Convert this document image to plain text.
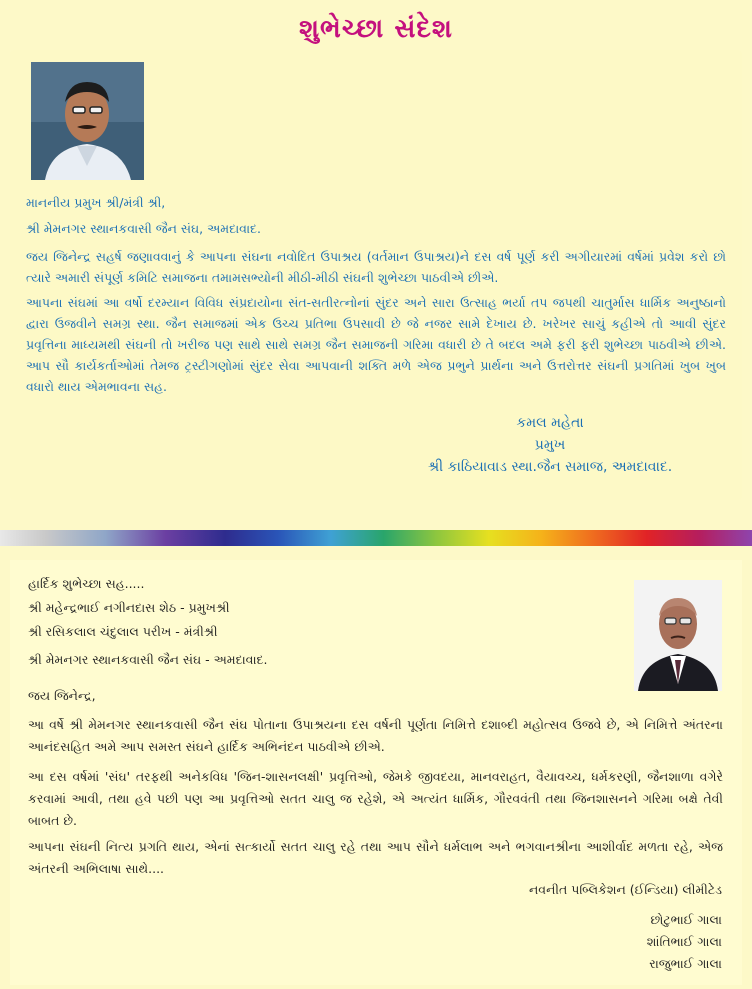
શુભેચ્છા સંદેશ

માનનીય પ્રમુખ શ્રી/મંત્રી શ્રી,

શ્રી મેમનગર સ્થાનકવાસી જૈન સંઘ, અમદાવાદ.

જય જિનેન્દ્ર સહર્ષ જણાવવાનું કે આપના સંઘના નવોદિત ઉપાશ્રય (વર્તમાન ઉપાશ્રય)ને દસ વર્ષ પૂર્ણ કરી અગીયારમાં વર્ષમાં પ્રવેશ કરો છો ત્યારે અમારી સંપૂર્ણ કમિટિ સમાજના તમામસભ્યોની મીઠી-મીઠી સંઘની શુભેચ્છા પાઠવીએ છીએ.

આપના સંઘમાં આ વર્ષો દરમ્યાન વિવિધ સંપ્રદાયોના સંત-સતીરત્નોનાં સુંદર અને સારા ઉત્સાહ ભર્યા તપ જપથી ચાતુર્માસ ધાર્મિક અનુષ્ઠાનો દ્વારા ઉજવીને સમગ્ર સ્થા. જૈન સમાજમાં એક ઉચ્ચ પ્રતિભા ઉપસાવી છે જે નજર સામે દેખાય છે. ખરેખર સાચું કહીએ તો આવી સુંદર પ્રવૃત્તિના માધ્યમથી સંઘની તો ખરીજ પણ સાથે સાથે સમગ્ર જૈન સમાજની ગરિમા વધારી છે તે બદલ અમે ફરી ફરી શુભેચ્છા પાઠવીએ છીએ. આપ સૌ કાર્યકર્તાઓમાં તેમજ ટ્રસ્ટીગણોમાં સુંદર સેવા આપવાની શક્તિ મળે એજ પ્રભુને પ્રાર્થના અને ઉત્તરોત્તર સંઘની પ્રગતિમાં ખુબ ખુબ વધારો થાય એમભાવના સહ.

કમલ મહેતા
પ્રમુખ
શ્રી કાઠિયાવાડ સ્થા.જૈન સમાજ, અમદાવાદ.
હાર્દિક શુભેચ્છા સહ.....
શ્રી મહેન્દ્રભાઈ નગીનદાસ શેઠ - પ્રમુખશ્રી
શ્રી રસિકલાલ ચંદુલાલ પરીખ - મંત્રીશ્રી
શ્રી મેમનગર સ્થાનકવાસી જૈન સંઘ - અમદાવાદ.
જય જિનેન્દ્ર,

આ વર્ષે શ્રી મેમનગર સ્થાનકવાસી જૈન સંઘ પોતાના ઉપાશ્રયના દસ વર્ષની પૂર્ણતા નિમિત્તે દશાબ્દી મહોત્સવ ઉજવે છે, એ નિમિત્તે અંતરના આનંદસહિત અમે આપ સમસ્ત સંઘને હાર્દિક અભિનંદન પાઠવીએ છીએ.

આ દસ વર્ષમાં 'સંઘ' તરફથી અનેકવિધ 'જિન-શાસનલક્ષી' પ્રવૃત્તિઓ, જેમકે જીવદયા, માનવરાહત, વૈયાવચ્ચ, ધર્મકરણી, જૈનશાળા વગેરે કરવામાં આવી, તથા હવે પછી પણ આ પ્રવૃત્તિઓ સતત ચાલુ જ રહેશે, એ અત્યંત ધાર્મિક, ગૌરવવંતી તથા જિનશાસનને ગરિમા બક્ષે તેવી બાબત છે.

આપના સંઘની નિત્ય પ્રગતિ થાય, એનાં સત્કાર્યો સતત ચાલુ રહે તથા આપ સૌને ધર્મલાભ અને ભગવાનશ્રીના આશીર્વાદ મળતા રહે, એજ અંતરની અભિલાષા સાથે....

નવનીત પબ્લિકેશન (ઈન્ડિયા) લીમીટેડ
છોટુભાઈ ગાલા
શાંતિભાઈ ગાલા
રાજુભાઈ ગાલા
